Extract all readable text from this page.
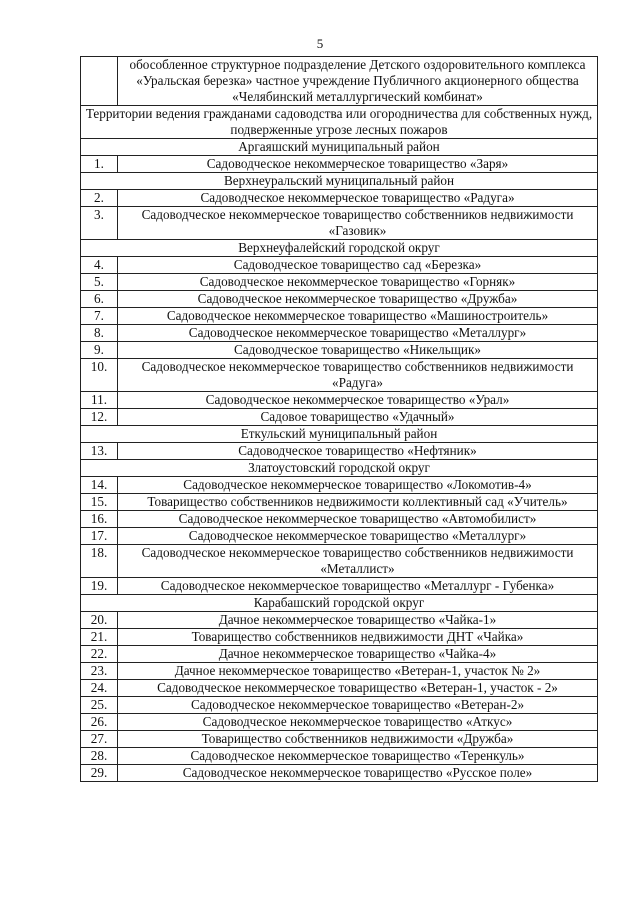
5
	обособленное структурное подразделение Детского оздоровительного комплекса «Уральская березка» частное учреждение Публичного акционерного общества «Челябинский металлургический комбинат»
Территории ведения гражданами садоводства или огородничества для собственных нужд, подверженные угрозе лесных пожаров	
Аргаяшский муниципальный район	
1.	Садоводческое некоммерческое товарищество «Заря»
Верхнеуральский муниципальный район	
2.	Садоводческое некоммерческое товарищество «Радуга»
3.	Садоводческое некоммерческое товарищество собственников недвижимости «Газовик»
Верхнеуфалейский городской округ	
4.	Садоводческое товарищество сад «Березка»
5.	Садоводческое некоммерческое товарищество «Горняк»
6.	Садоводческое некоммерческое товарищество «Дружба»
7.	Садоводческое некоммерческое товарищество «Машиностроитель»
8.	Садоводческое некоммерческое товарищество «Металлург»
9.	Садоводческое товарищество «Никельщик»
10.	Садоводческое некоммерческое товарищество собственников недвижимости «Радуга»
11.	Садоводческое некоммерческое товарищество «Урал»
12.	Садовое товарищество «Удачный»
Еткульский муниципальный район	
13.	Садоводческое товарищество «Нефтяник»
Златоустовский городской округ	
14.	Садоводческое некоммерческое товарищество «Локомотив-4»
15.	Товарищество собственников недвижимости коллективный сад «Учитель»
16.	Садоводческое некоммерческое товарищество «Автомобилист»
17.	Садоводческое некоммерческое товарищество «Металлург»
18.	Садоводческое некоммерческое товарищество собственников недвижимости «Металлист»
19.	Садоводческое некоммерческое товарищество «Металлург - Губенка»
Карабашский городской округ	
20.	Дачное некоммерческое товарищество «Чайка-1»
21.	Товарищество собственников недвижимости ДНТ «Чайка»
22.	Дачное некоммерческое товарищество «Чайка-4»
23.	Дачное некоммерческое товарищество «Ветеран-1, участок № 2»
24.	Садоводческое некоммерческое товарищество «Ветеран-1, участок - 2»
25.	Садоводческое некоммерческое товарищество «Ветеран-2»
26.	Садоводческое некоммерческое товарищество «Аткус»
27.	Товарищество собственников недвижимости «Дружба»
28.	Садоводческое некоммерческое товарищество «Теренкуль»
29.	Садоводческое некоммерческое товарищество «Русское поле»
